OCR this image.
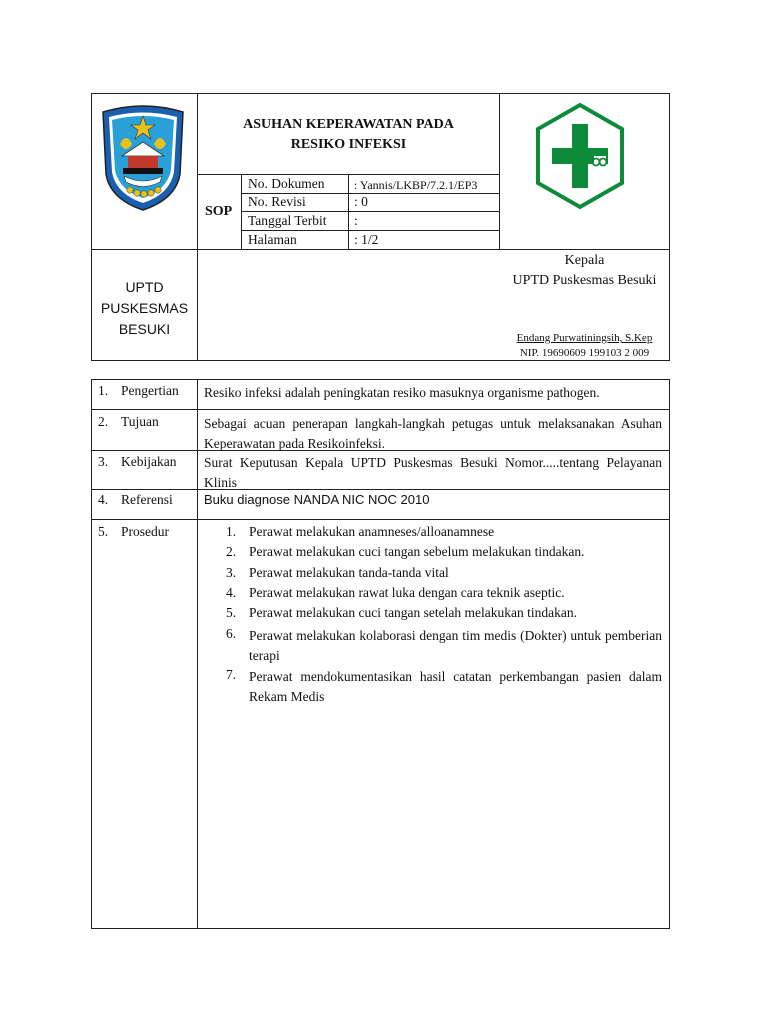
ASUHAN KEPERAWATAN PADA
RESIKO INFEKSI
SOP
No. Dokumen : Yannis/LKBP/7.2.1/EP3
No. Revisi	: 0
Tanggal Terbit :
Halaman	: 1/2
UPTD
PUSKESMAS
BESUKI
Kepala
UPTD Puskesmas Besuki
Endang Purwatiningsih, S.Kep
NIP. 19690609 199103 2 009
1. Pengertian
2. Tujuan
3. Kebijakan
4. Referensi
5. Prosedur
Resiko infeksi adalah peningkatan resiko masuknya organisme pathogen.
Sebagai acuan penerapan langkah-langkah petugas untuk melaksanakan Asuhan Keperawatan pada Resikoinfeksi.
Surat Keputusan Kepala UPTD Puskesmas Besuki Nomor.....tentang Pelayanan Klinis
Buku diagnose NANDA NIC NOC 2010
1. Perawat melakukan anamneses/alloanamnese
2. Perawat melakukan cuci tangan sebelum melakukan tindakan.
3. Perawat melakukan tanda-tanda vital
4. Perawat melakukan rawat luka dengan cara teknik aseptic.
5. Perawat melakukan cuci tangan setelah melakukan tindakan.
6. Perawat melakukan kolaborasi dengan tim medis (Dokter) untuk pemberian terapi
7. Perawat mendokumentasikan hasil catatan perkembangan pasien dalam Rekam Medis
